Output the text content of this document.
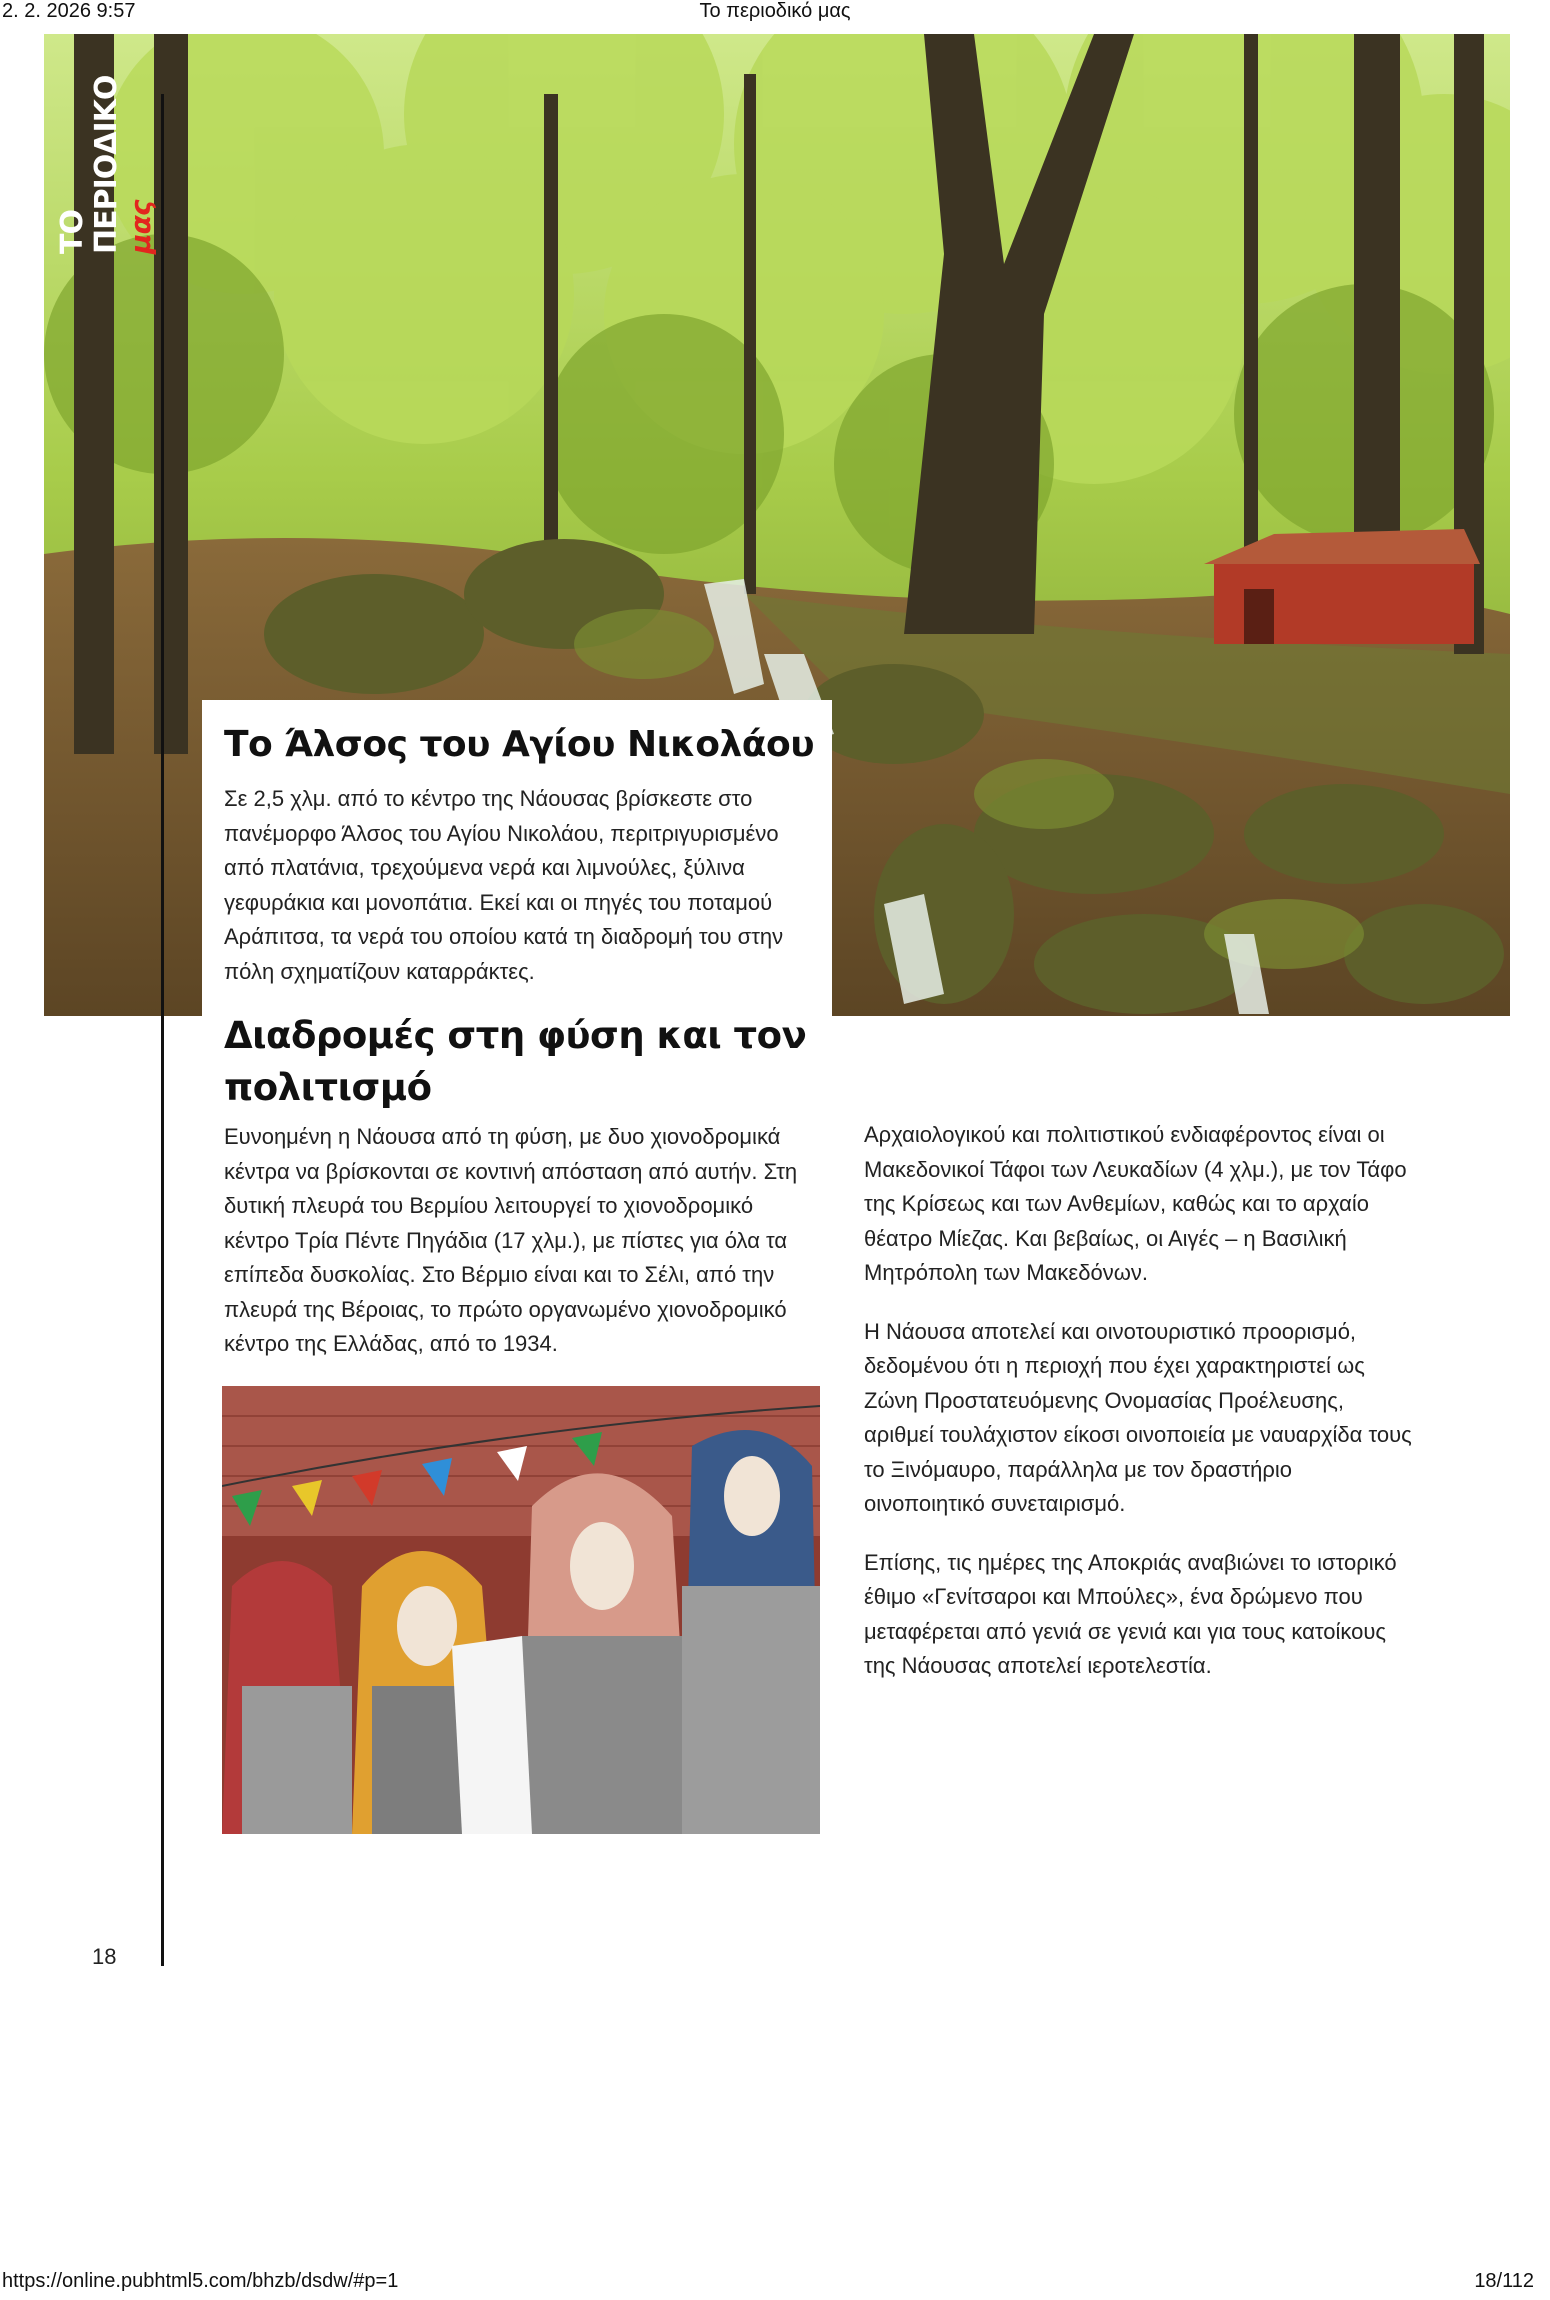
2. 2. 2026 9:57	Το περιοδικό μας
ΤΟ ΠΕΡΙΟΔΙΚΟ μας
Το Άλσος του Αγίου Νικολάου

Σε 2,5 χλμ. από το κέντρο της Νάουσας βρίσκεστε στο πανέμορφο Άλσος του Αγίου Νικολάου, περιτριγυρισμένο από πλατάνια, τρεχούμενα νερά και λιμνούλες, ξύλινα γεφυράκια και μονοπάτια. Εκεί και οι πηγές του ποταμού Αράπιτσα, τα νερά του οποίου κατά τη διαδρομή του στην πόλη σχηματίζουν καταρράκτες.

Διαδρομές στη φύση και τον πολιτισμό

Ευνοημένη η Νάουσα από τη φύση, με δυο χιονοδρομικά κέντρα να βρίσκονται σε κοντινή απόσταση από αυτήν. Στη δυτική πλευρά του Βερμίου λειτουργεί το χιονοδρομικό κέντρο Τρία Πέντε Πηγάδια (17 χλμ.), με πίστες για όλα τα επίπεδα δυσκολίας. Στο Βέρμιο είναι και το Σέλι, από την πλευρά της Βέροιας, το πρώτο οργανωμένο χιονοδρομικό κέντρο της Ελλάδας, από το 1934.

Αρχαιολογικού και πολιτιστικού ενδιαφέροντος είναι οι Μακεδονικοί Τάφοι των Λευκαδίων (4 χλμ.), με τον Τάφο της Κρίσεως και των Ανθεμίων, καθώς και το αρχαίο θέατρο Μίεζας. Και βεβαίως, οι Αιγές – η Βασιλική Μητρόπολη των Μακεδόνων.

Η Νάουσα αποτελεί και οινοτουριστικό προορισμό, δεδομένου ότι η περιοχή που έχει χαρακτηριστεί ως Ζώνη Προστατευόμενης Ονομασίας Προέλευσης, αριθμεί τουλάχιστον είκοσι οινοποιεία με ναυαρχίδα τους το Ξινόμαυρο, παράλληλα με τον δραστήριο οινοποιητικό συνεταιρισμό.

Επίσης, τις ημέρες της Αποκριάς αναβιώνει το ιστορικό έθιμο «Γενίτσαροι και Μπούλες», ένα δρώμενο που μεταφέρεται από γενιά σε γενιά και για τους κατοίκους της Νάουσας αποτελεί ιεροτελεστία.

18
https://online.pubhtml5.com/bhzb/dsdw/#p=1	18/112
